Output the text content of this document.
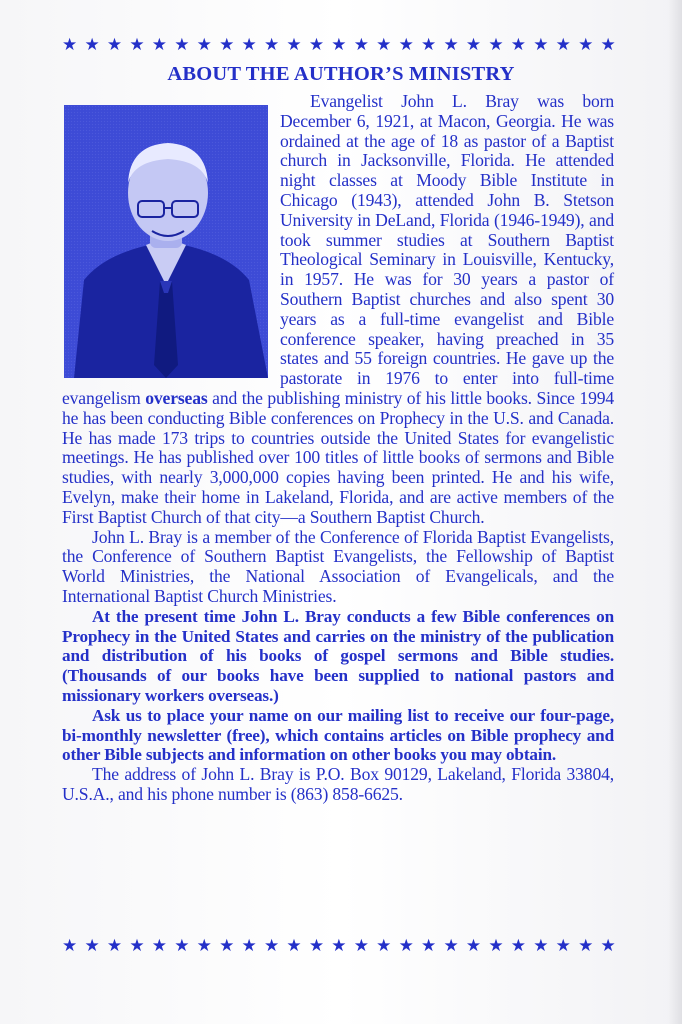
★ ★ ★ ★ ★ ★ ★ ★ ★ ★ ★ ★ ★ ★ ★ ★ ★ ★ ★ ★ ★ ★ ★ ★ ★
ABOUT THE AUTHOR’S MINISTRY

Evangelist John L. Bray was born December 6, 1921, at Macon, Georgia. He was ordained at the age of 18 as pastor of a Baptist church in Jacksonville, Florida. He attended night classes at Moody Bible Institute in Chicago (1943), attended John B. Stetson University in DeLand, Florida (1946-1949), and took summer studies at Southern Baptist Theological Seminary in Louisville, Kentucky, in 1957. He was for 30 years a pastor of Southern Baptist churches and also spent 30 years as a full-time evangelist and Bible conference speaker, having preached in 35 states and 55 foreign countries. He gave up the pastorate in 1976 to enter into full-time evangelism overseas and the publishing ministry of his little books. Since 1994 he has been conducting Bible conferences on Prophecy in the U.S. and Canada. He has made 173 trips to countries outside the United States for evangelistic meetings. He has published over 100 titles of little books of sermons and Bible studies, with nearly 3,000,000 copies having been printed. He and his wife, Evelyn, make their home in Lakeland, Florida, and are active members of the First Baptist Church of that city—a Southern Baptist Church.

John L. Bray is a member of the Conference of Florida Baptist Evangelists, the Conference of Southern Baptist Evangelists, the Fellowship of Baptist World Ministries, the National Association of Evangelicals, and the International Baptist Church Ministries.

At the present time John L. Bray conducts a few Bible conferences on Prophecy in the United States and carries on the ministry of the publication and distribution of his books of gospel sermons and Bible studies. (Thousands of our books have been supplied to national pastors and missionary workers overseas.)

Ask us to place your name on our mailing list to receive our four-page, bi-monthly newsletter (free), which contains articles on Bible prophecy and other Bible subjects and information on other books you may obtain.

The address of John L. Bray is P.O. Box 90129, Lakeland, Florida 33804, U.S.A., and his phone number is (863) 858-6625.

★ ★ ★ ★ ★ ★ ★ ★ ★ ★ ★ ★ ★ ★ ★ ★ ★ ★ ★ ★ ★ ★ ★ ★ ★
